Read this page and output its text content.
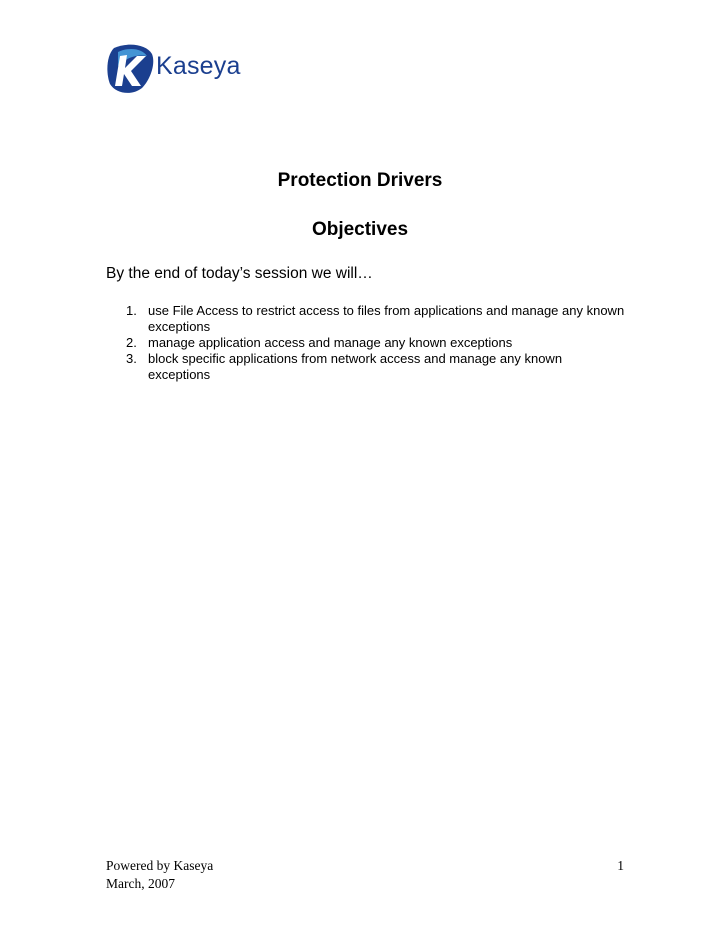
Kaseya
Protection Drivers
Objectives
By the end of today’s session we will…
1. use File Access to restrict access to files from applications and manage any known exceptions
2. manage application access and manage any known exceptions
3. block specific applications from network access and manage any known exceptions
Powered by Kaseya
March, 2007
1
